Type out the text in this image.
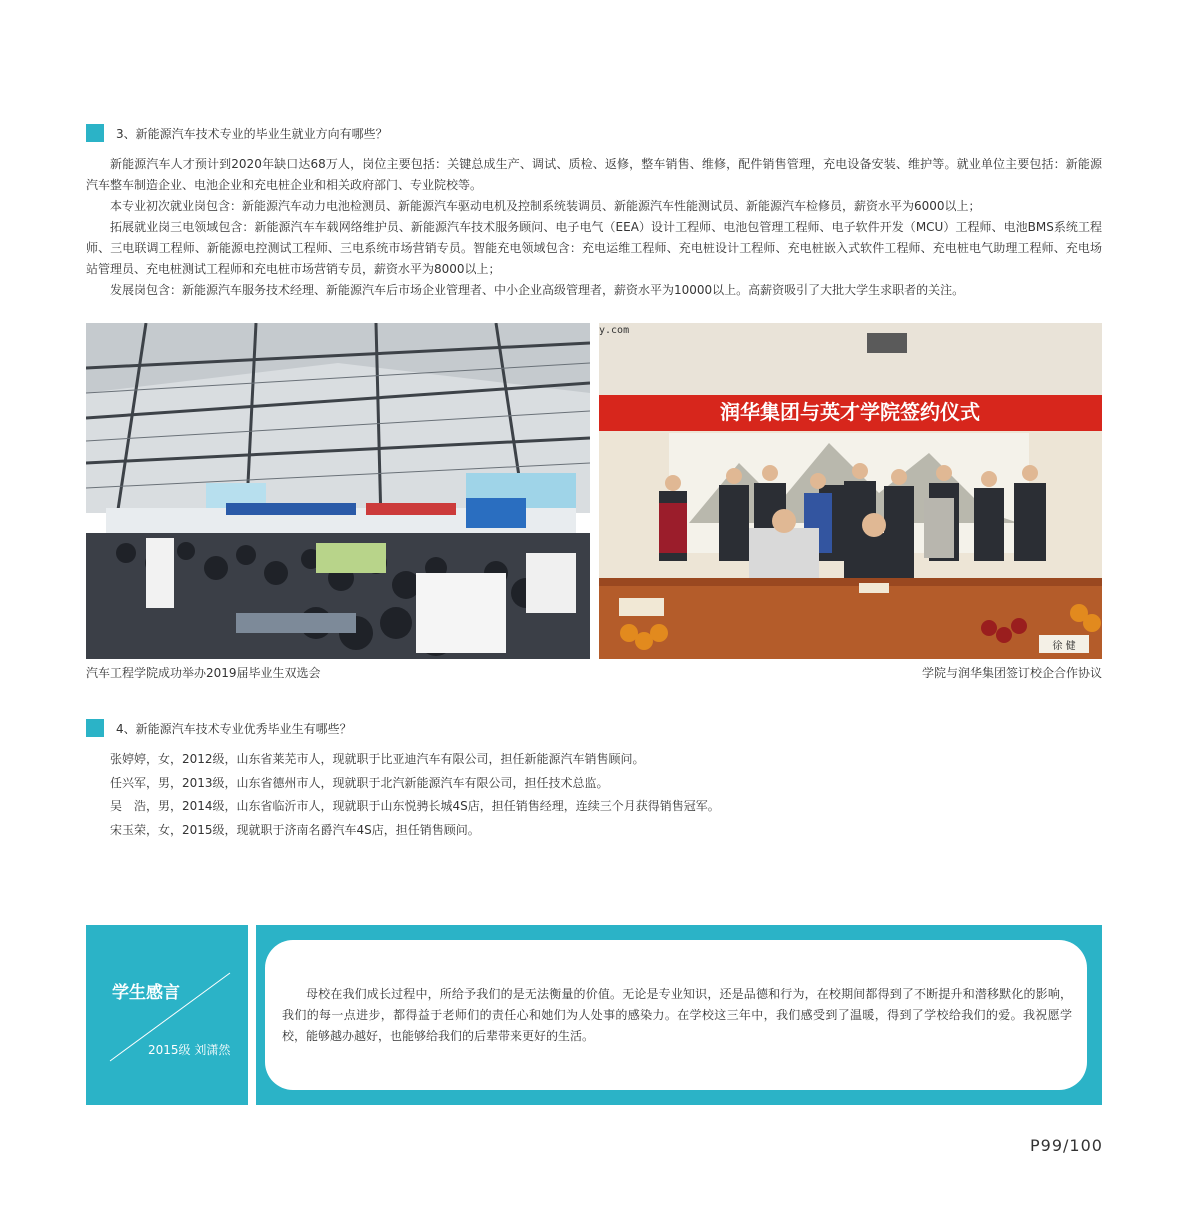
3、新能源汽车技术专业的毕业生就业方向有哪些？

新能源汽车人才预计到2020年缺口达68万人，岗位主要包括：关键总成生产、调试、质检、返修，整车销售、维修，配件销售管理，充电设备安装、维护等。就业单位主要包括：新能源汽车整车制造企业、电池企业和充电桩企业和相关政府部门、专业院校等。

本专业初次就业岗包含：新能源汽车动力电池检测员、新能源汽车驱动电机及控制系统装调员、新能源汽车性能测试员、新能源汽车检修员，薪资水平为6000以上；

拓展就业岗三电领域包含：新能源汽车车载网络维护员、新能源汽车技术服务顾问、电子电气（EEA）设计工程师、电池包管理工程师、电子软件开发（MCU）工程师、电池BMS系统工程师、三电联调工程师、新能源电控测试工程师、三电系统市场营销专员。智能充电领域包含：充电运维工程师、充电桩设计工程师、充电桩嵌入式软件工程师、充电桩电气助理工程师、充电场站管理员、充电桩测试工程师和充电桩市场营销专员，薪资水平为8000以上；

发展岗包含：新能源汽车服务技术经理、新能源汽车后市场企业管理者、中小企业高级管理者，薪资水平为10000以上。高薪资吸引了大批大学生求职者的关注。

汽车工程学院成功举办2019届毕业生双选会
y.com
润华集团与英才学院签约仪式
徐 健
学院与润华集团签订校企合作协议
4、新能源汽车技术专业优秀毕业生有哪些？
张婷婷，女，2012级，山东省莱芜市人，现就职于比亚迪汽车有限公司，担任新能源汽车销售顾问。
任兴军，男，2013级，山东省德州市人，现就职于北汽新能源汽车有限公司，担任技术总监。
吴　浩，男，2014级，山东省临沂市人，现就职于山东悦骋长城4S店，担任销售经理，连续三个月获得销售冠军。
宋玉荣，女，2015级，现就职于济南名爵汽车4S店，担任销售顾问。
学生感言
2015级 刘潇然
母校在我们成长过程中，所给予我们的是无法衡量的价值。无论是专业知识，还是品德和行为，在校期间都得到了不断提升和潜移默化的影响，我们的每一点进步，都得益于老师们的责任心和她们为人处事的感染力。在学校这三年中，我们感受到了温暖，得到了学校给我们的爱。我祝愿学校，能够越办越好，也能够给我们的后辈带来更好的生活。
P99/100
